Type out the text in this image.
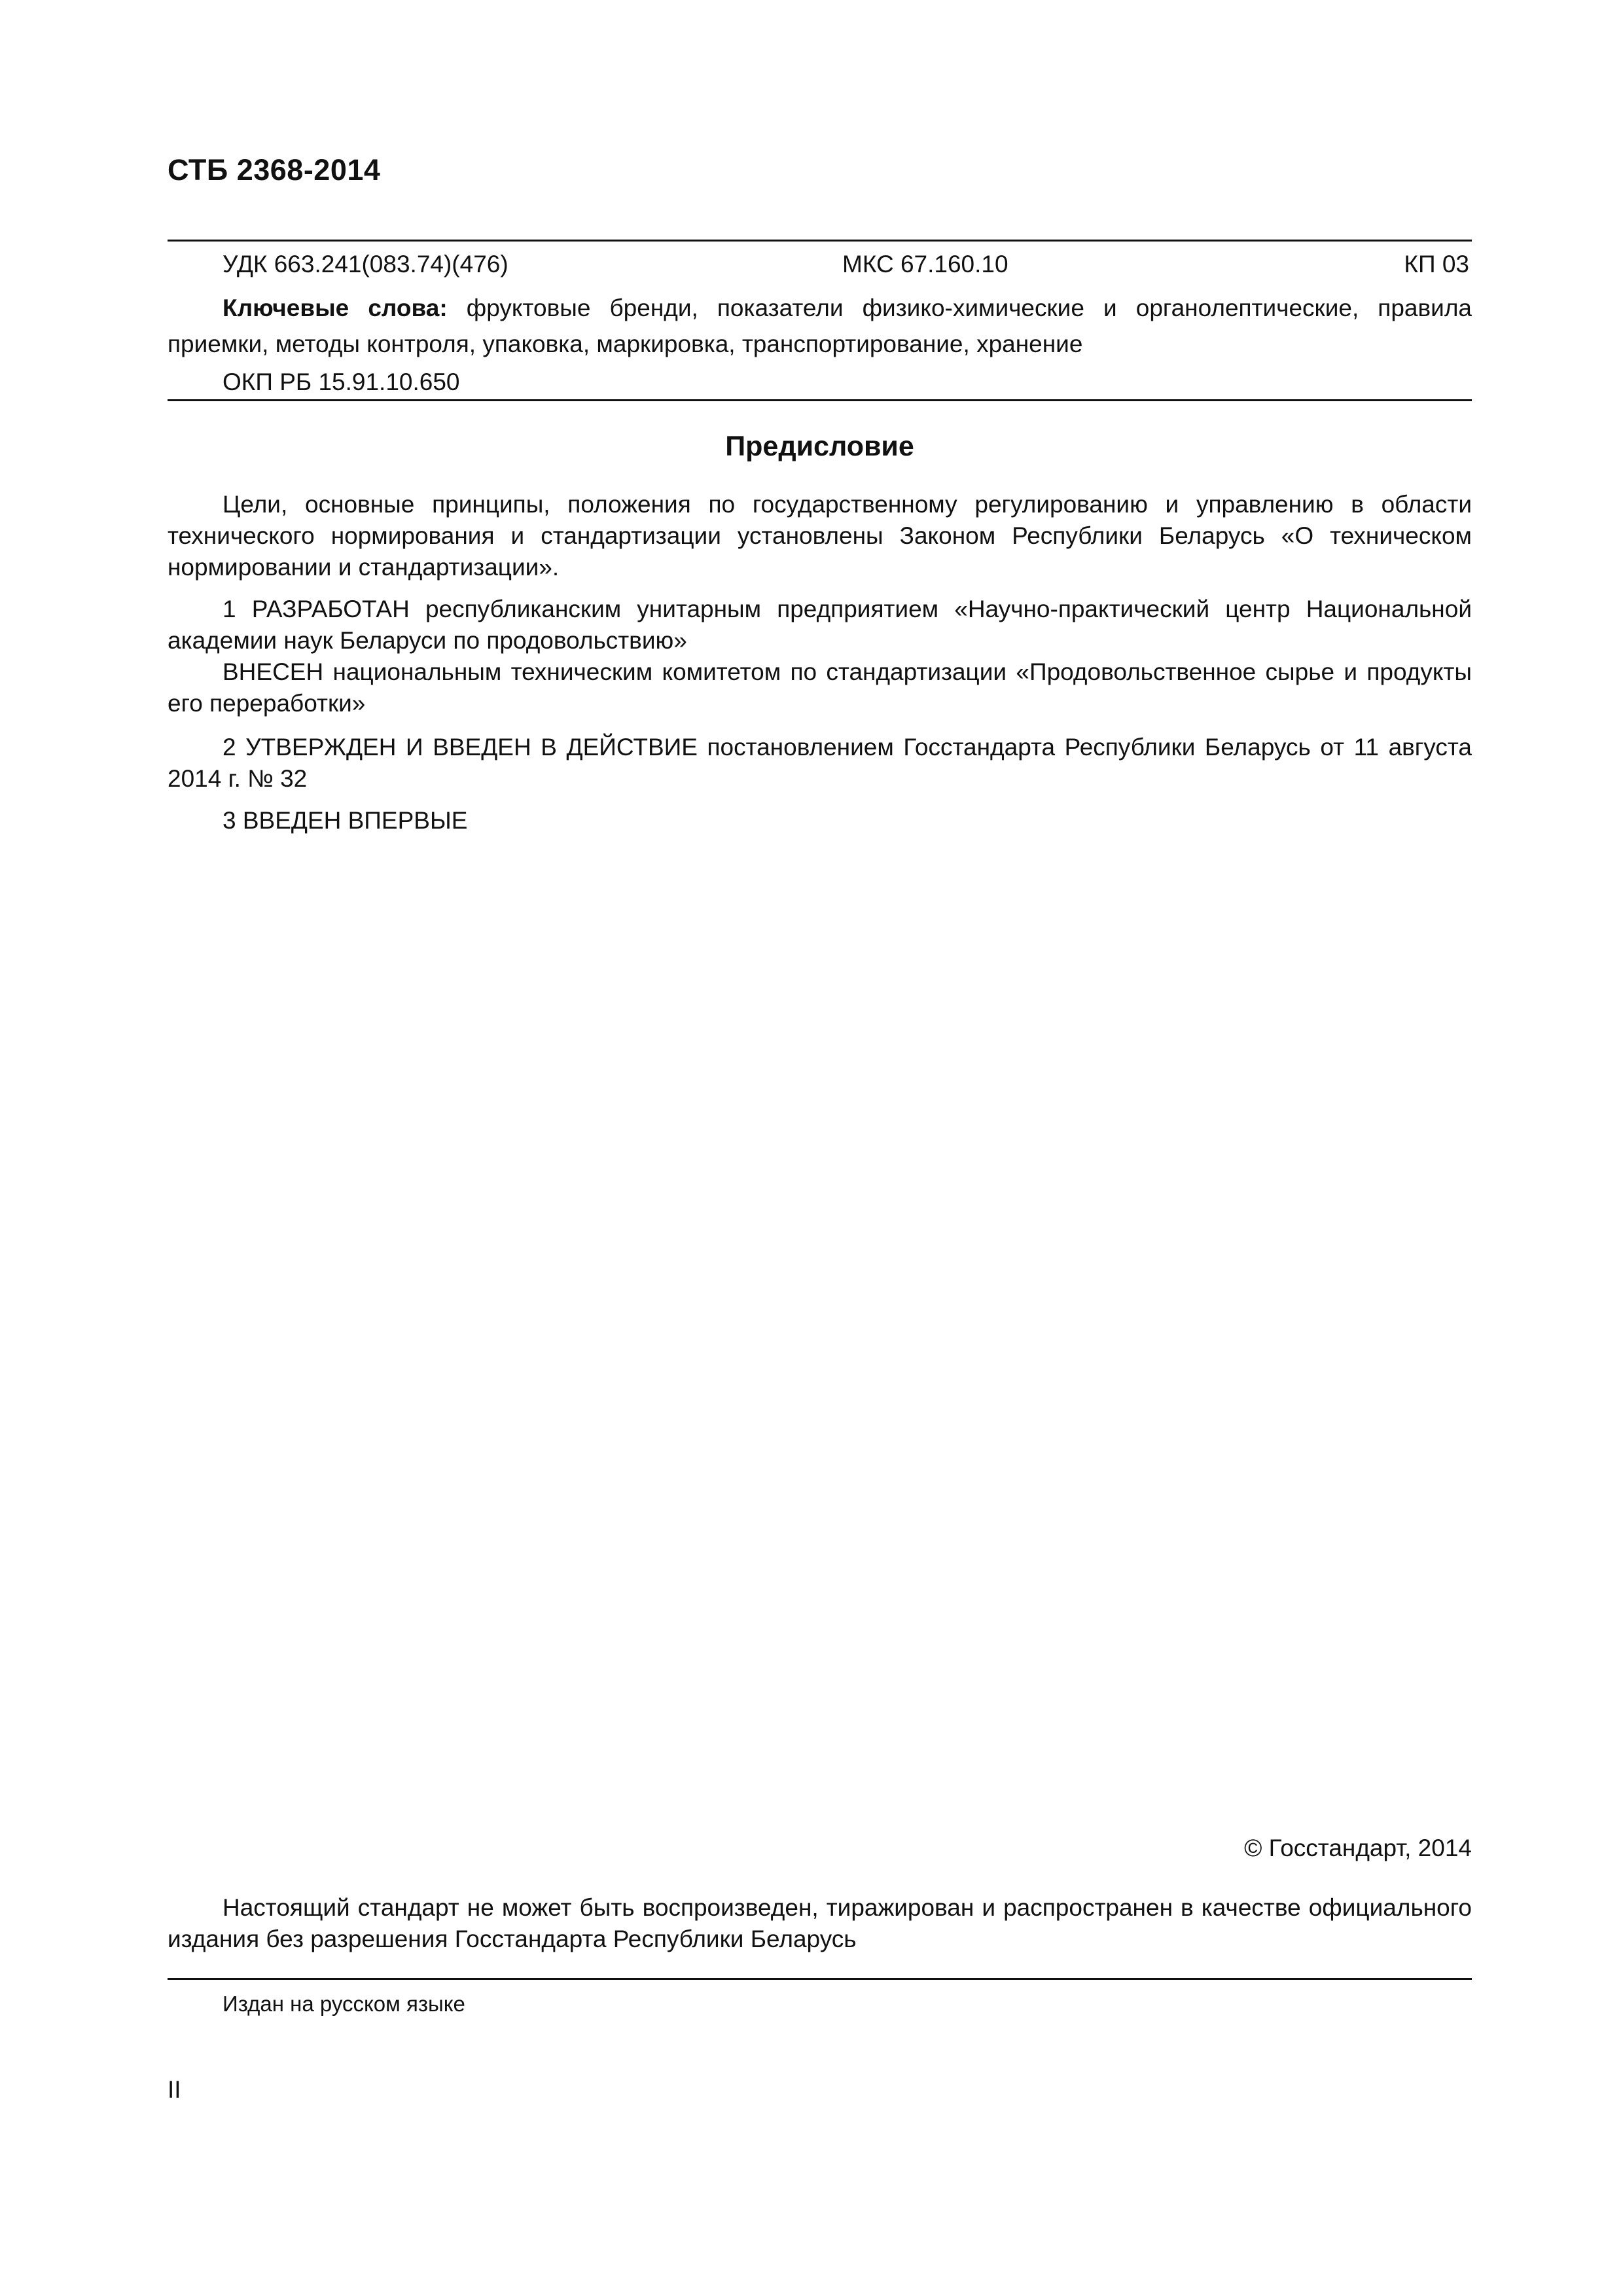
СТБ 2368-2014
УДК 663.241(083.74)(476)	МКС 67.160.10	КП 03
Ключевые слова: фруктовые бренди, показатели физико-химические и органолептические, правила приемки, методы контроля, упаковка, маркировка, транспортирование, хранение
ОКП РБ 15.91.10.650
Предисловие

Цели, основные принципы, положения по государственному регулированию и управлению в области технического нормирования и стандартизации установлены Законом Республики Беларусь «О техническом нормировании и стандартизации».

1 РАЗРАБОТАН республиканским унитарным предприятием «Научно-практический центр Национальной академии наук Беларуси по продовольствию»

ВНЕСЕН национальным техническим комитетом по стандартизации «Продовольственное сырье и продукты его переработки»

2 УТВЕРЖДЕН И ВВЕДЕН В ДЕЙСТВИЕ постановлением Госстандарта Республики Беларусь от 11 августа 2014 г. № 32

3 ВВЕДЕН ВПЕРВЫЕ

© Госстандарт, 2014
Настоящий стандарт не может быть воспроизведен, тиражирован и распространен в качестве официального издания без разрешения Госстандарта Республики Беларусь
Издан на русском языке
II
